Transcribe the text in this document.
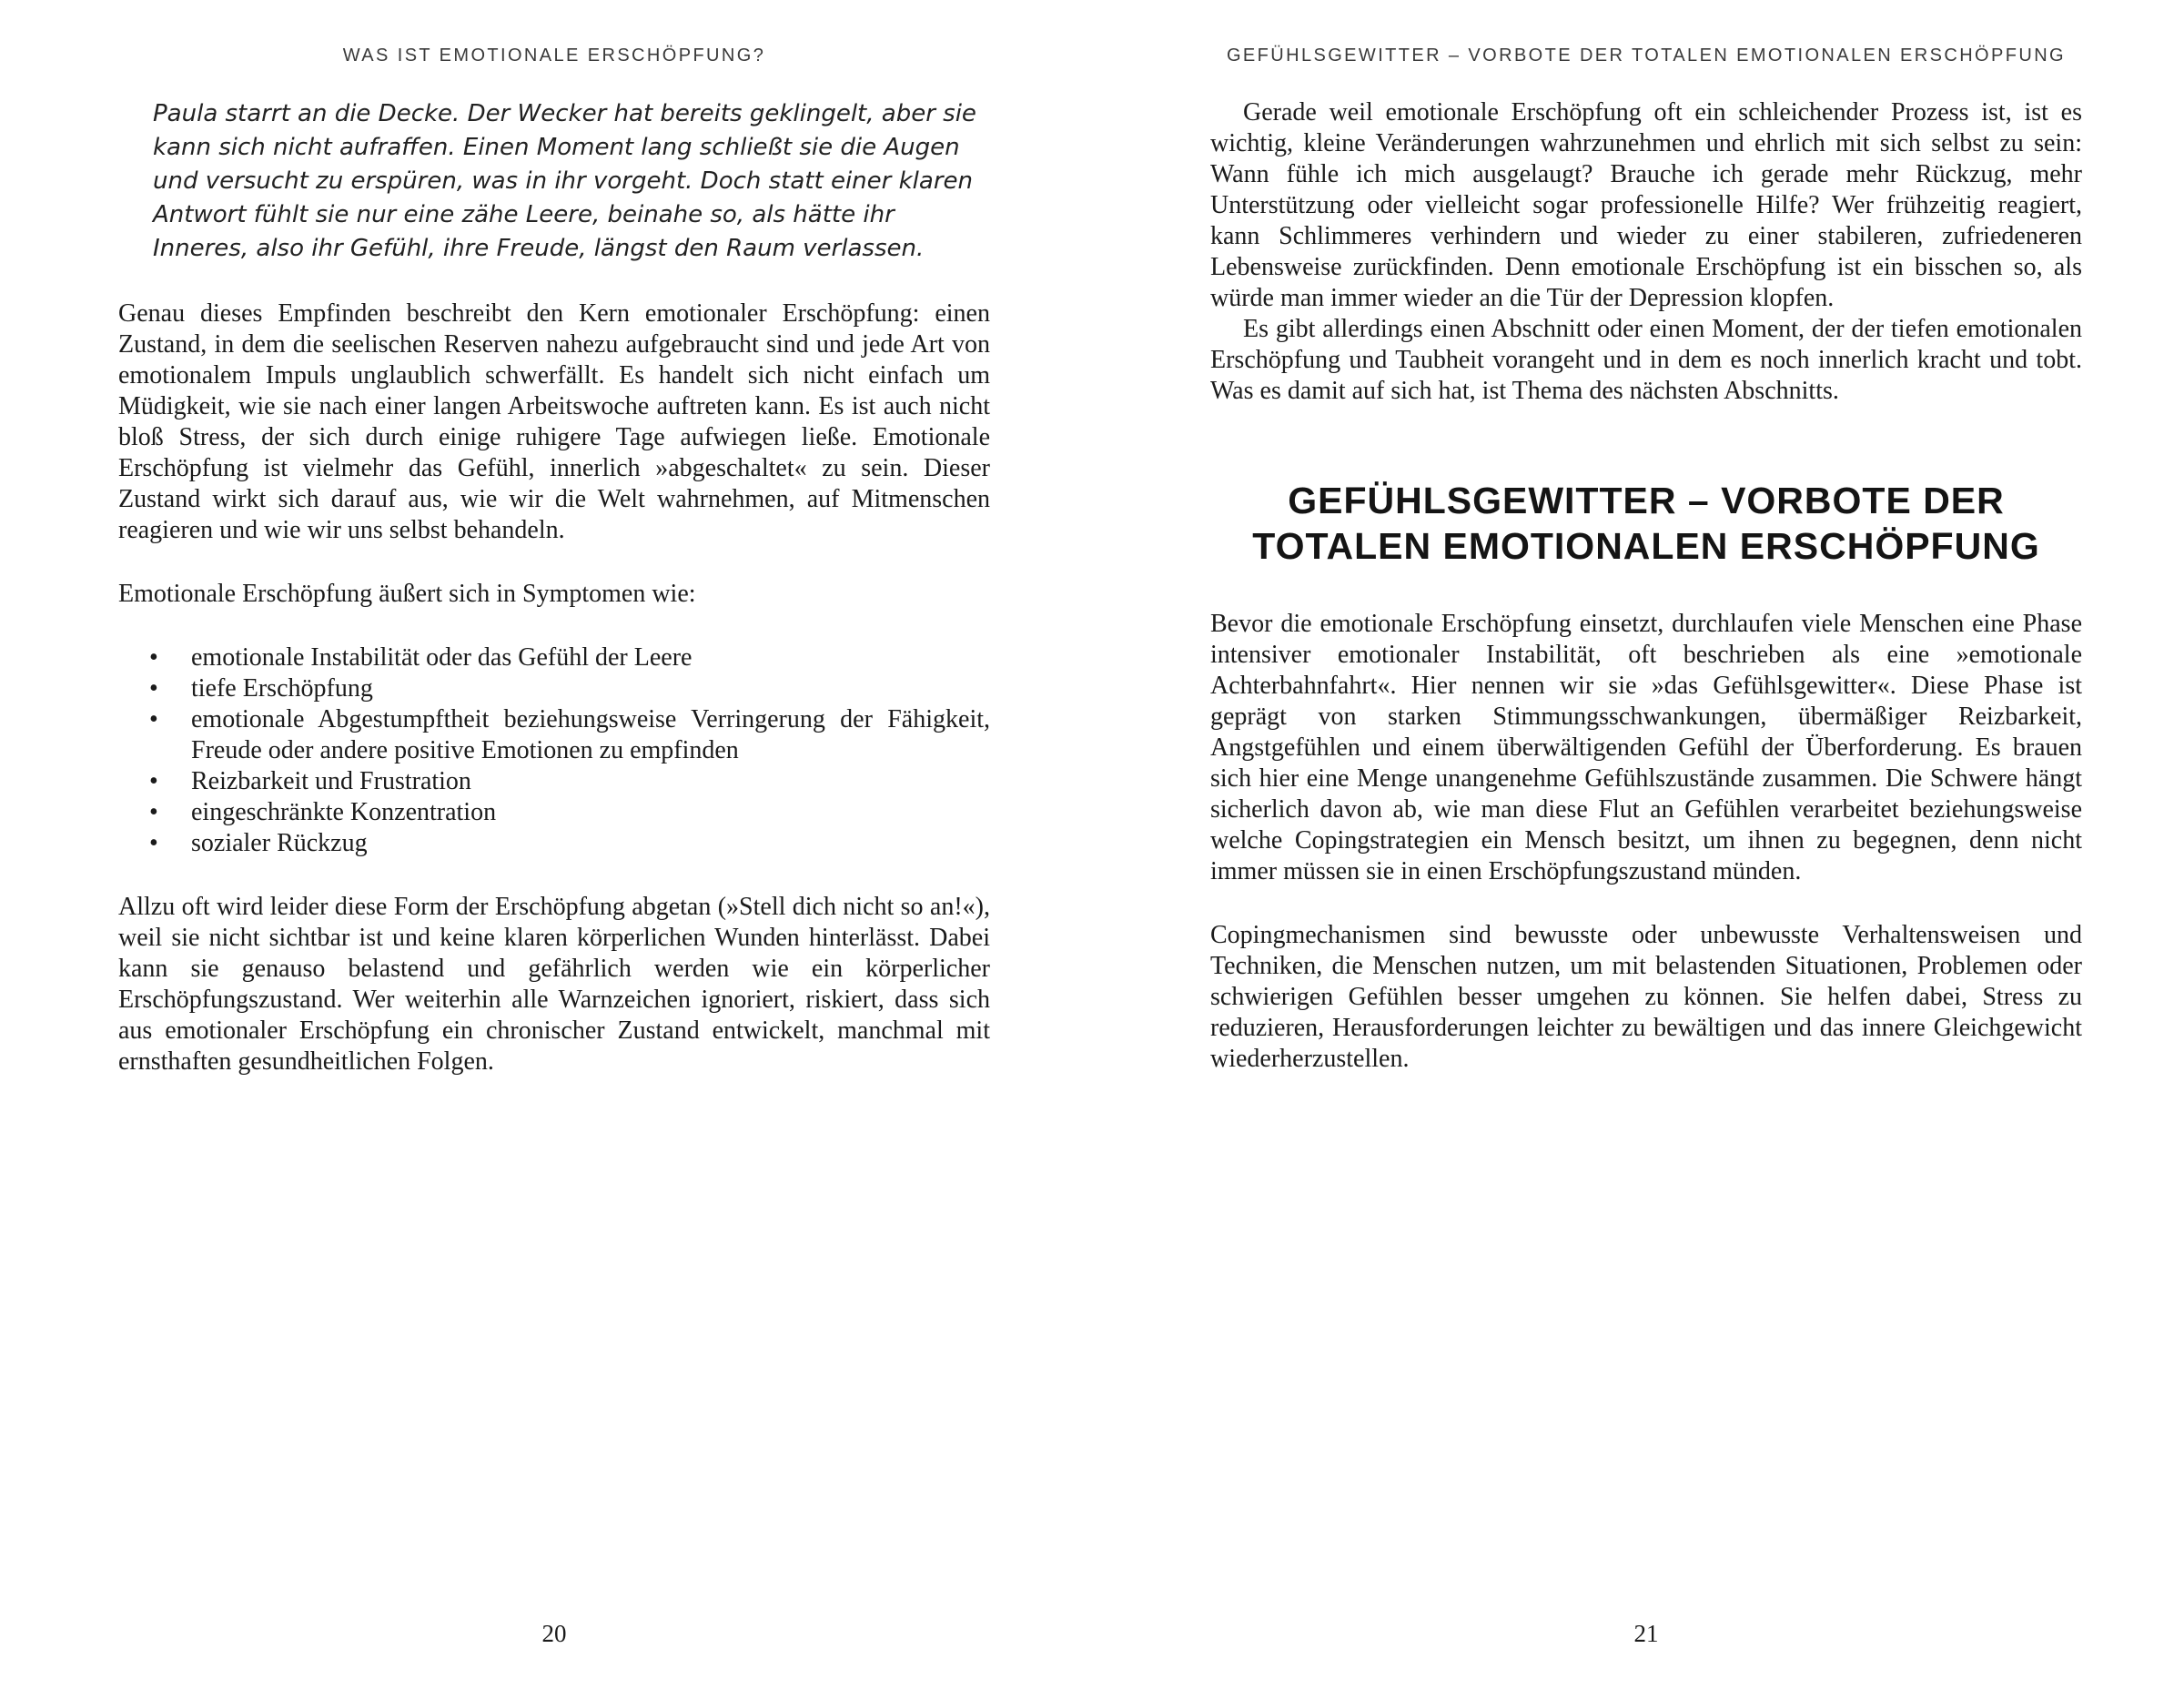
WAS IST EMOTIONALE ERSCHÖPFUNG?
Paula starrt an die Decke. Der Wecker hat bereits geklingelt, aber sie kann sich nicht aufraffen. Einen Moment lang schließt sie die Augen und versucht zu erspüren, was in ihr vorgeht. Doch statt einer klaren Antwort fühlt sie nur eine zähe Leere, beinahe so, als hätte ihr Inneres, also ihr Gefühl, ihre Freude, längst den Raum verlassen.

Genau dieses Empfinden beschreibt den Kern emotionaler Erschöpfung: einen Zustand, in dem die seelischen Reserven nahezu aufgebraucht sind und jede Art von emotionalem Impuls unglaublich schwerfällt. Es handelt sich nicht einfach um Müdigkeit, wie sie nach einer langen Arbeitswoche auftreten kann. Es ist auch nicht bloß Stress, der sich durch einige ruhigere Tage aufwiegen ließe. Emotionale Erschöpfung ist vielmehr das Gefühl, innerlich »abgeschaltet« zu sein. Dieser Zustand wirkt sich darauf aus, wie wir die Welt wahrnehmen, auf Mitmenschen reagieren und wie wir uns selbst behandeln.

Emotionale Erschöpfung äußert sich in Symptomen wie:

• emotionale Instabilität oder das Gefühl der Leere
• tiefe Erschöpfung
• emotionale Abgestumpftheit beziehungsweise Verringerung der Fähigkeit, Freude oder andere positive Emotionen zu empfinden
• Reizbarkeit und Frustration
• eingeschränkte Konzentration
• sozialer Rückzug

Allzu oft wird leider diese Form der Erschöpfung abgetan (»Stell dich nicht so an!«), weil sie nicht sichtbar ist und keine klaren körperlichen Wunden hinterlässt. Dabei kann sie genauso belastend und gefährlich werden wie ein körperlicher Erschöpfungszustand. Wer weiterhin alle Warnzeichen ignoriert, riskiert, dass sich aus emotionaler Erschöpfung ein chronischer Zustand entwickelt, manchmal mit ernsthaften gesundheitlichen Folgen.

20
GEFÜHLSGEWITTER – VORBOTE DER TOTALEN EMOTIONALEN ERSCHÖPFUNG

Gerade weil emotionale Erschöpfung oft ein schleichender Prozess ist, ist es wichtig, kleine Veränderungen wahrzunehmen und ehrlich mit sich selbst zu sein: Wann fühle ich mich ausgelaugt? Brauche ich gerade mehr Rückzug, mehr Unterstützung oder vielleicht sogar professionelle Hilfe? Wer frühzeitig reagiert, kann Schlimmeres verhindern und wieder zu einer stabileren, zufriedeneren Lebensweise zurückfinden. Denn emotionale Erschöpfung ist ein bisschen so, als würde man immer wieder an die Tür der Depression klopfen.

Es gibt allerdings einen Abschnitt oder einen Moment, der der tiefen emotionalen Erschöpfung und Taubheit vorangeht und in dem es noch innerlich kracht und tobt. Was es damit auf sich hat, ist Thema des nächsten Abschnitts.

GEFÜHLSGEWITTER – VORBOTE DER
TOTALEN EMOTIONALEN ERSCHÖPFUNG

Bevor die emotionale Erschöpfung einsetzt, durchlaufen viele Menschen eine Phase intensiver emotionaler Instabilität, oft beschrieben als eine »emotionale Achterbahnfahrt«. Hier nennen wir sie »das Gefühlsgewitter«. Diese Phase ist geprägt von starken Stimmungsschwankungen, übermäßiger Reizbarkeit, Angstgefühlen und einem überwältigenden Gefühl der Überforderung. Es brauen sich hier eine Menge unangenehme Gefühlszustände zusammen. Die Schwere hängt sicherlich davon ab, wie man diese Flut an Gefühlen verarbeitet beziehungsweise welche Copingstrategien ein Mensch besitzt, um ihnen zu begegnen, denn nicht immer müssen sie in einen Erschöpfungszustand münden.

Copingmechanismen sind bewusste oder unbewusste Verhaltensweisen und Techniken, die Menschen nutzen, um mit belastenden Situationen, Problemen oder schwierigen Gefühlen besser umgehen zu können. Sie helfen dabei, Stress zu reduzieren, Herausforderungen leichter zu bewältigen und das innere Gleichgewicht wiederherzustellen.

21
